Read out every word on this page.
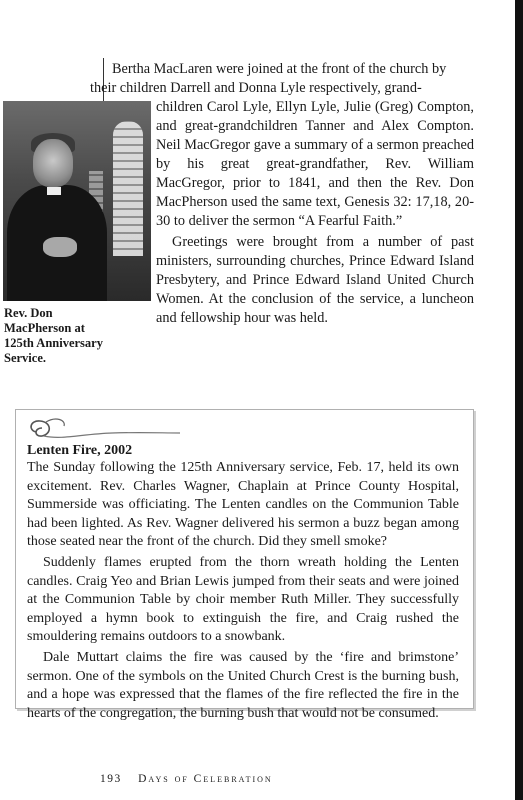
Bertha MacLaren were joined at the front of the church by

their children Darrell and Donna Lyle respectively, grand-

children Carol Lyle, Ellyn Lyle, Julie (Greg) Compton, and great-grandchildren Tanner and Alex Compton. Neil MacGregor gave a summary of a sermon preached by his great great-grandfather, Rev. William MacGregor, prior to 1841, and then the Rev. Don MacPherson used the same text, Genesis 32: 17,18, 20-30 to deliver the sermon “A Fearful Faith.”

Greetings were brought from a number of past ministers, surrounding churches, Prince Edward Island Presbytery, and Prince Edward Island United Church Women. At the conclusion of the service, a luncheon and fellowship hour was held.

Rev. Don MacPherson at 125th Anniversary Service.
Lenten Fire, 2002

The Sunday following the 125th Anniversary service, Feb. 17, held its own excitement. Rev. Charles Wagner, Chaplain at Prince County Hospital, Summerside was officiating. The Lenten candles on the Communion Table had been lighted. As Rev. Wagner delivered his sermon a buzz began among those seated near the front of the church. Did they smell smoke?

Suddenly flames erupted from the thorn wreath holding the Lenten candles. Craig Yeo and Brian Lewis jumped from their seats and were joined at the Communion Table by choir member Ruth Miller. They successfully employed a hymn book to extinguish the fire, and Craig rushed the smouldering remains outdoors to a snowbank.

Dale Muttart claims the fire was caused by the ‘fire and brimstone’ sermon. One of the symbols on the United Church Crest is the burning bush, and a hope was expressed that the flames of the fire reflected the fire in the hearts of the congregation, the burning bush that would not be consumed.

193 Days of Celebration
